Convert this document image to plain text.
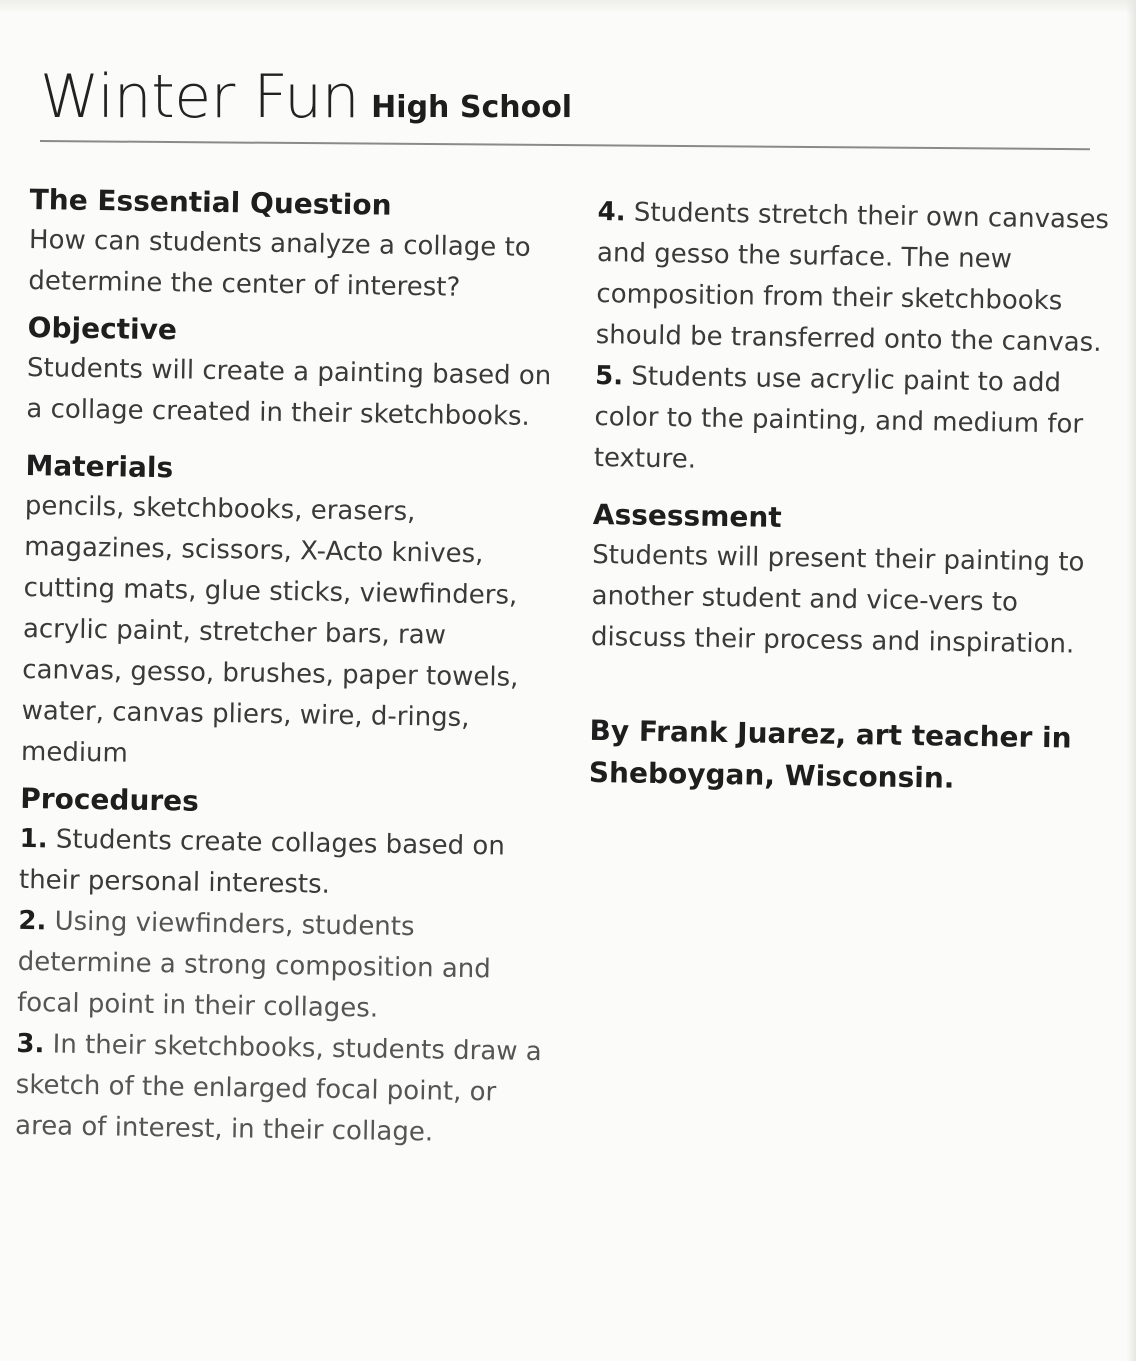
Winter Fun High School
The Essential Question
How can students analyze a collage to determine the center of interest?
Objective
Students will create a painting based on a collage created in their sketchbooks.
Materials
pencils, sketchbooks, erasers, magazines, scissors, X-Acto knives, cutting mats, glue sticks, viewfinders, acrylic paint, stretcher bars, raw canvas, gesso, brushes, paper towels, water, canvas pliers, wire, d-rings, medium
Procedures
1. Students create collages based on their personal interests.
2. Using viewfinders, students determine a strong composition and focal point in their collages.
3. In their sketchbooks, students draw a sketch of the enlarged focal point, or area of interest, in their collage.
4. Students stretch their own canvases and gesso the surface. The new composition from their sketchbooks should be transferred onto the canvas.
5. Students use acrylic paint to add color to the painting, and medium for texture.
Assessment
Students will present their painting to another student and vice-vers to discuss their process and inspiration.
By Frank Juarez, art teacher in Sheboygan, Wisconsin.
